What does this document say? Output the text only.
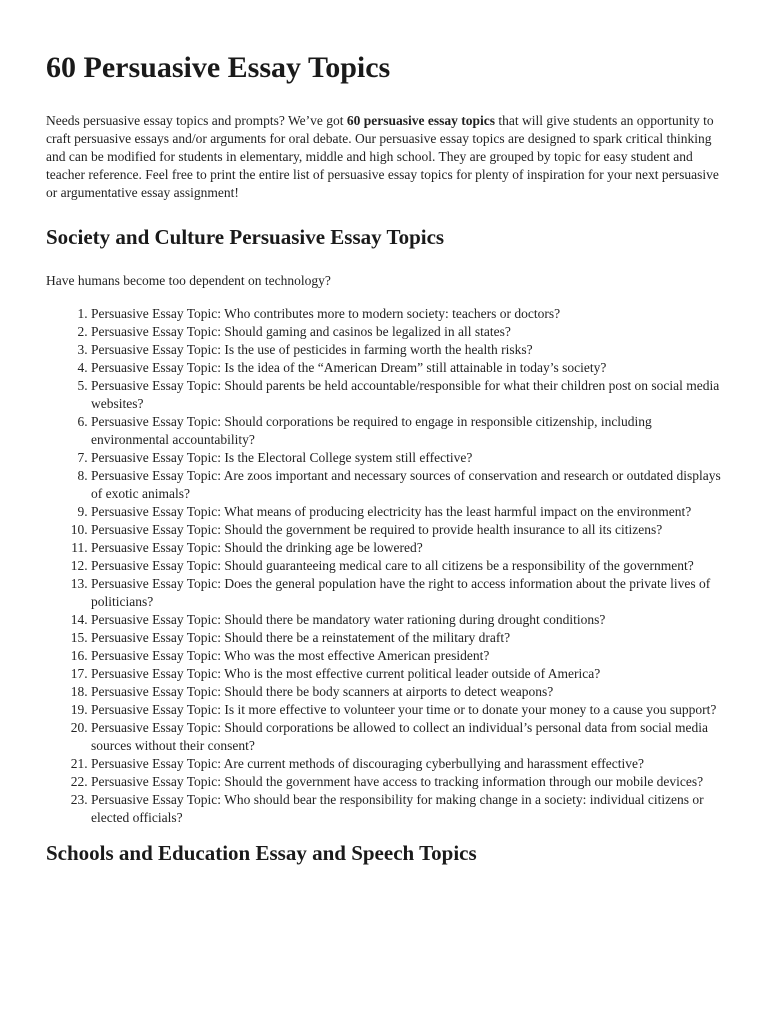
60 Persuasive Essay Topics

Needs persuasive essay topics and prompts? We’ve got 60 persuasive essay topics that will give students an opportunity to craft persuasive essays and/or arguments for oral debate. Our persuasive essay topics are designed to spark critical thinking and can be modified for students in elementary, middle and high school. They are grouped by topic for easy student and teacher reference. Feel free to print the entire list of persuasive essay topics for plenty of inspiration for your next persuasive or argumentative essay assignment!

Society and Culture Persuasive Essay Topics

Have humans become too dependent on technology?

1. Persuasive Essay Topic: Who contributes more to modern society: teachers or doctors?
2. Persuasive Essay Topic: Should gaming and casinos be legalized in all states?
3. Persuasive Essay Topic: Is the use of pesticides in farming worth the health risks?
4. Persuasive Essay Topic: Is the idea of the “American Dream” still attainable in today’s society?
5. Persuasive Essay Topic: Should parents be held accountable/responsible for what their children post on social media websites?
6. Persuasive Essay Topic: Should corporations be required to engage in responsible citizenship, including environmental accountability?
7. Persuasive Essay Topic: Is the Electoral College system still effective?
8. Persuasive Essay Topic: Are zoos important and necessary sources of conservation and research or outdated displays of exotic animals?
9. Persuasive Essay Topic: What means of producing electricity has the least harmful impact on the environment?
10. Persuasive Essay Topic: Should the government be required to provide health insurance to all its citizens?
11. Persuasive Essay Topic: Should the drinking age be lowered?
12. Persuasive Essay Topic: Should guaranteeing medical care to all citizens be a responsibility of the government?
13. Persuasive Essay Topic: Does the general population have the right to access information about the private lives of politicians?
14. Persuasive Essay Topic: Should there be mandatory water rationing during drought conditions?
15. Persuasive Essay Topic: Should there be a reinstatement of the military draft?
16. Persuasive Essay Topic: Who was the most effective American president?
17. Persuasive Essay Topic: Who is the most effective current political leader outside of America?
18. Persuasive Essay Topic: Should there be body scanners at airports to detect weapons?
19. Persuasive Essay Topic: Is it more effective to volunteer your time or to donate your money to a cause you support?
20. Persuasive Essay Topic: Should corporations be allowed to collect an individual’s personal data from social media sources without their consent?
21. Persuasive Essay Topic: Are current methods of discouraging cyberbullying and harassment effective?
22. Persuasive Essay Topic: Should the government have access to tracking information through our mobile devices?
23. Persuasive Essay Topic: Who should bear the responsibility for making change in a society: individual citizens or elected officials?
Schools and Education Essay and Speech Topics
